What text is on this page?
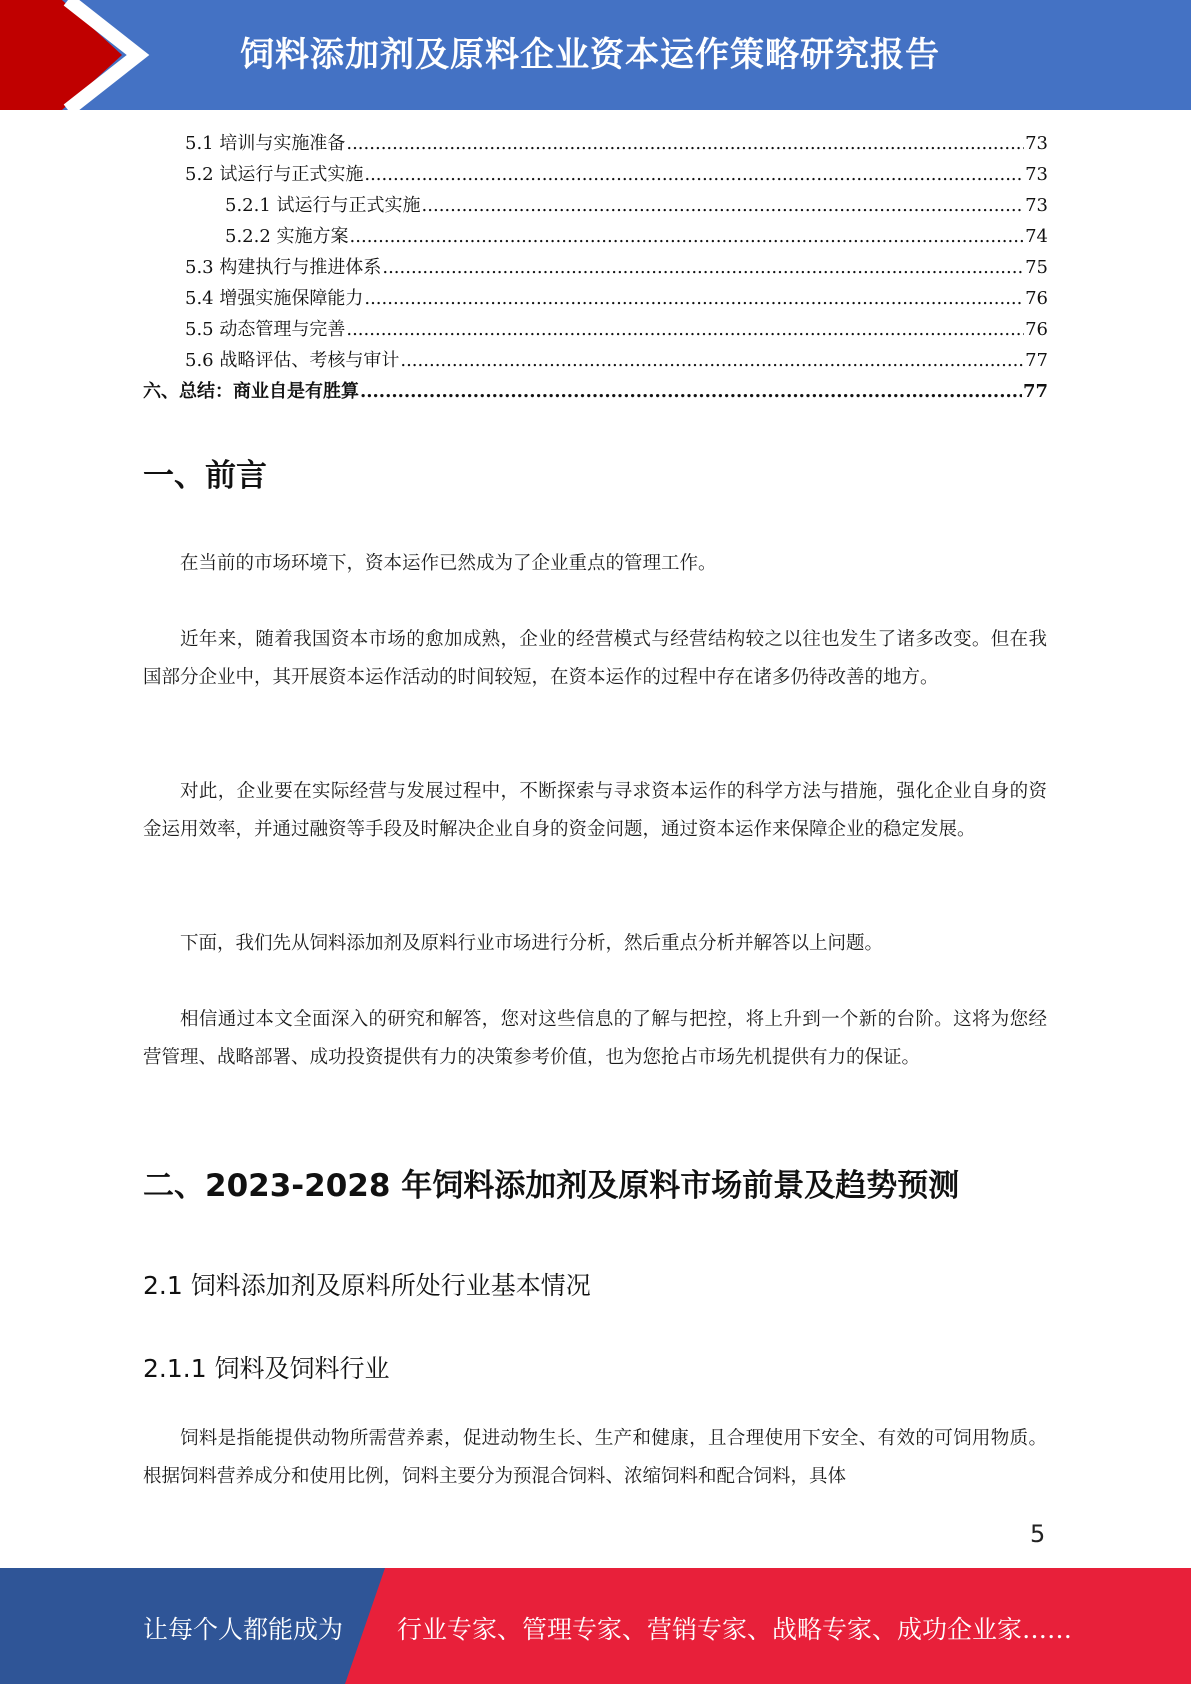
饲料添加剂及原料企业资本运作策略研究报告
5.1 培训与实施准备 .....	73
5.2 试运行与正式实施 .....	73
5.2.1 试运行与正式实施 .....	73
5.2.2 实施方案 .....	74
5.3 构建执行与推进体系 .....	75
5.4 增强实施保障能力 .....	76
5.5 动态管理与完善 .....	76
5.6 战略评估、考核与审计 .....	77
六、总结：商业自是有胜算 .....	77
一、前言

在当前的市场环境下，资本运作已然成为了企业重点的管理工作。

近年来，随着我国资本市场的愈加成熟，企业的经营模式与经营结构较之以往也发生了诸多改变。但在我国部分企业中，其开展资本运作活动的时间较短，在资本运作的过程中存在诸多仍待改善的地方。

对此，企业要在实际经营与发展过程中，不断探索与寻求资本运作的科学方法与措施，强化企业自身的资金运用效率，并通过融资等手段及时解决企业自身的资金问题，通过资本运作来保障企业的稳定发展。

下面，我们先从饲料添加剂及原料行业市场进行分析，然后重点分析并解答以上问题。

相信通过本文全面深入的研究和解答，您对这些信息的了解与把控，将上升到一个新的台阶。这将为您经营管理、战略部署、成功投资提供有力的决策参考价值，也为您抢占市场先机提供有力的保证。

二、2023-2028 年饲料添加剂及原料市场前景及趋势预测
2.1 饲料添加剂及原料所处行业基本情况
2.1.1 饲料及饲料行业

饲料是指能提供动物所需营养素，促进动物生长、生产和健康，且合理使用下安全、有效的可饲用物质。根据饲料营养成分和使用比例，饲料主要分为预混合饲料、浓缩饲料和配合饲料，具体

5
让每个人都能成为 行业专家、管理专家、营销专家、战略专家、成功企业家……
